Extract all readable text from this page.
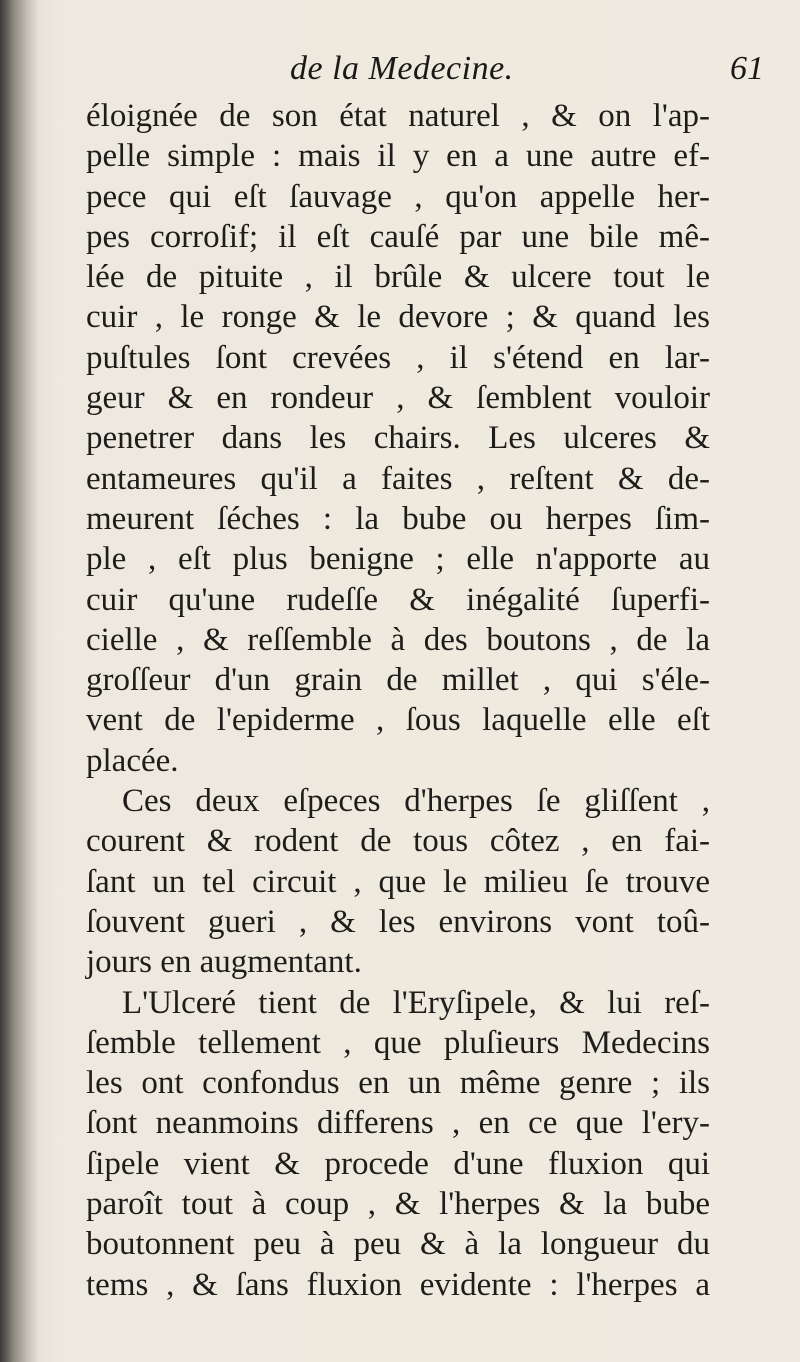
de la Medecine.	61
éloignée de son état naturel , & on l'ap-
pelle simple : mais il y en a une autre ef-
pece qui eſt ſauvage , qu'on appelle her-
pes corroſif; il eſt cauſé par une bile mê-
lée de pituite , il brûle & ulcere tout le
cuir , le ronge & le devore ; & quand les
puſtules ſont crevées , il s'étend en lar-
geur & en rondeur , & ſemblent vouloir
penetrer dans les chairs. Les ulceres &
entameures qu'il a faites , reſtent & de-
meurent ſéches : la bube ou herpes ſim-
ple , eſt plus benigne ; elle n'apporte au
cuir qu'une rudeſſe & inégalité ſuperfi-
cielle , & reſſemble à des boutons , de la
groſſeur d'un grain de millet , qui s'éle-
vent de l'epiderme , ſous laquelle elle eſt
placée.
Ces deux eſpeces d'herpes ſe gliſſent ,
courent & rodent de tous côtez , en fai-
ſant un tel circuit , que le milieu ſe trouve
ſouvent gueri , & les environs vont toû-
jours en augmentant.
L'Ulceré tient de l'Eryſipele, & lui reſ-
ſemble tellement , que pluſieurs Medecins
les ont confondus en un même genre ; ils
ſont neanmoins differens , en ce que l'ery-
ſipele vient & procede d'une fluxion qui
paroît tout à coup , & l'herpes & la bube
boutonnent peu à peu & à la longueur du
tems , & ſans fluxion evidente : l'herpes a
